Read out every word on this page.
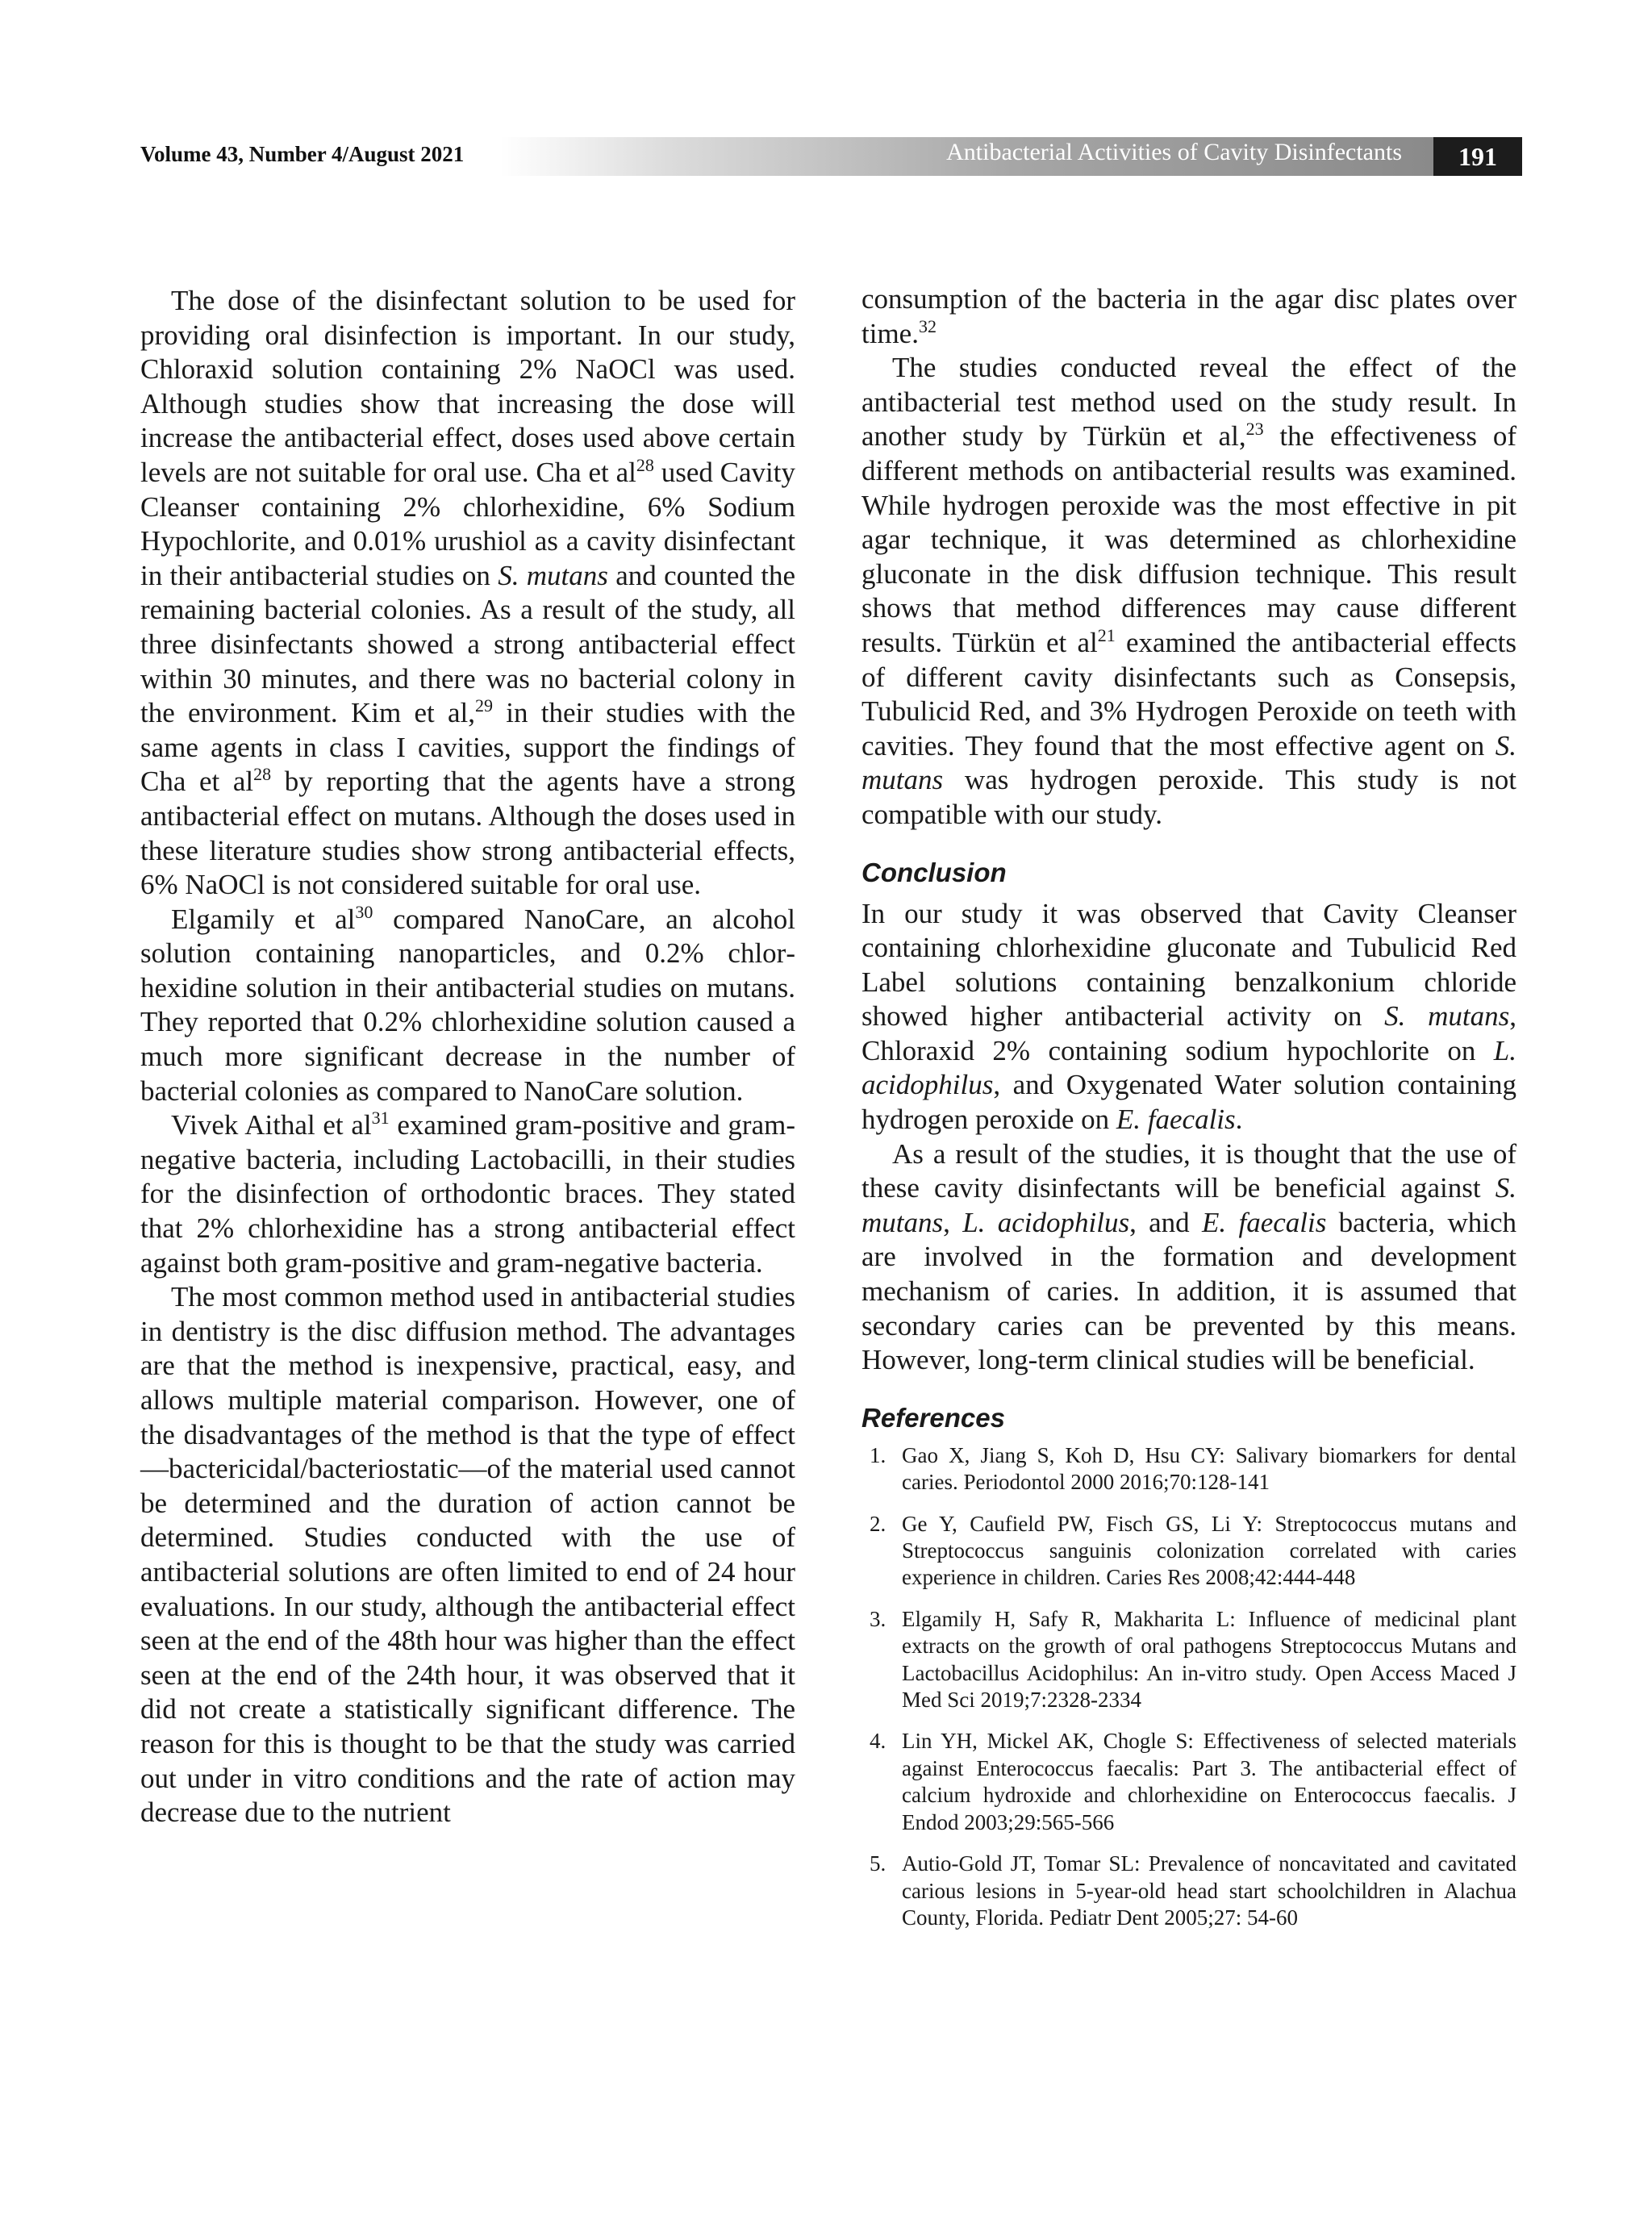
Volume 43, Number 4/August 2021	Antibacterial Activities of Cavity Disinfectants	191

The dose of the disinfectant solution to be used for providing oral disinfection is important. In our study, Chloraxid solution containing 2% NaOCl was used. Although studies show that increasing the dose will increase the antibacterial effect, doses used above certain levels are not suitable for oral use. Cha et $al^{28}$ used Cavity Cleanser containing 2% chlorhexidine, 6% Sodium Hypochlorite, and 0.01% urushiol as a cavity disinfectant in their antibacterial studies on S. mutans and counted the remaining bacterial colonies. As a result of the study, all three disinfectants showed a strong antibacterial effect within 30 minutes, and there was no bacterial colony in the environment. Kim et al,$^{29}$ in their studies with the same agents in class I cavities, support the findings of Cha et $al^{28}$ by reporting that the agents have a strong antibacterial effect on mutans. Although the doses used in these literature studies show strong antibacterial effects, 6% NaOCl is not considered suitable for oral use.

Elgamily et $al^{30}$ compared NanoCare, an alcohol solution containing nanoparticles, and 0.2% chlorhexidine solution in their antibacterial studies on mutans. They reported that 0.2% chlorhexidine solution caused a much more significant decrease in the number of bacterial colonies as compared to NanoCare solution.

Vivek Aithal et $al^{31}$ examined gram-positive and gram-negative bacteria, including Lactobacilli, in their studies for the disinfection of orthodontic braces. They stated that 2% chlorhexidine has a strong antibacterial effect against both gram-positive and gram-negative bacteria.

The most common method used in antibacterial studies in dentistry is the disc diffusion method. The advantages are that the method is inexpensive, practical, easy, and allows multiple material comparison. However, one of the disadvantages of the method is that the type of effect—bactericidal/bacteriostatic—of the material used cannot be determined and the duration of action cannot be determined. Studies conducted with the use of antibacterial solutions are often limited to end of 24 hour evaluations. In our study, although the antibacterial effect seen at the end of the 48th hour was higher than the effect seen at the end of the 24th hour, it was observed that it did not create a statistically significant difference. The reason for this is thought to be that the study was carried out under in vitro conditions and the rate of action may decrease due to the nutrient

consumption of the bacteria in the agar disc plates over time.$^{32}$

The studies conducted reveal the effect of the antibacterial test method used on the study result. In another study by Türkün et al,$^{23}$ the effectiveness of different methods on antibacterial results was examined. While hydrogen peroxide was the most effective in pit agar technique, it was determined as chlorhexidine gluconate in the disk diffusion technique. This result shows that method differences may cause different results. Türkün et $al^{21}$ examined the antibacterial effects of different cavity disinfectants such as Consepsis, Tubulicid Red, and 3% Hydrogen Peroxide on teeth with cavities. They found that the most effective agent on S. mutans was hydrogen peroxide. This study is not compatible with our study.

Conclusion

In our study it was observed that Cavity Cleanser containing chlorhexidine gluconate and Tubulicid Red Label solutions containing benzalkonium chloride showed higher antibacterial activity on S. mutans, Chloraxid 2% containing sodium hypochlorite on L. acidophilus, and Oxygenated Water solution containing hydrogen peroxide on E. faecalis.

As a result of the studies, it is thought that the use of these cavity disinfectants will be beneficial against S. mutans, L. acidophilus, and E. faecalis bacteria, which are involved in the formation and development mechanism of caries. In addition, it is assumed that secondary caries can be prevented by this means. However, long-term clinical studies will be beneficial.

References
1. Gao X, Jiang S, Koh D, Hsu CY: Salivary biomarkers for dental caries. Periodontol 2000 2016;70:128-141
2. Ge Y, Caufield PW, Fisch GS, Li Y: Streptococcus mutans and Streptococcus sanguinis colonization correlated with caries experience in children. Caries Res 2008;42:444-448
3. Elgamily H, Safy R, Makharita L: Influence of medicinal plant extracts on the growth of oral pathogens Streptococcus Mutans and Lactobacillus Acidophilus: An in-vitro study. Open Access Maced J Med Sci 2019;7:2328-2334
4. Lin YH, Mickel AK, Chogle S: Effectiveness of selected materials against Enterococcus faecalis: Part 3. The antibacterial effect of calcium hydroxide and chlorhexidine on Enterococcus faecalis. J Endod 2003;29:565-566
5. Autio-Gold JT, Tomar SL: Prevalence of noncavitated and cavitated carious lesions in 5-year-old head start schoolchildren in Alachua County, Florida. Pediatr Dent 2005;27: 54-60
